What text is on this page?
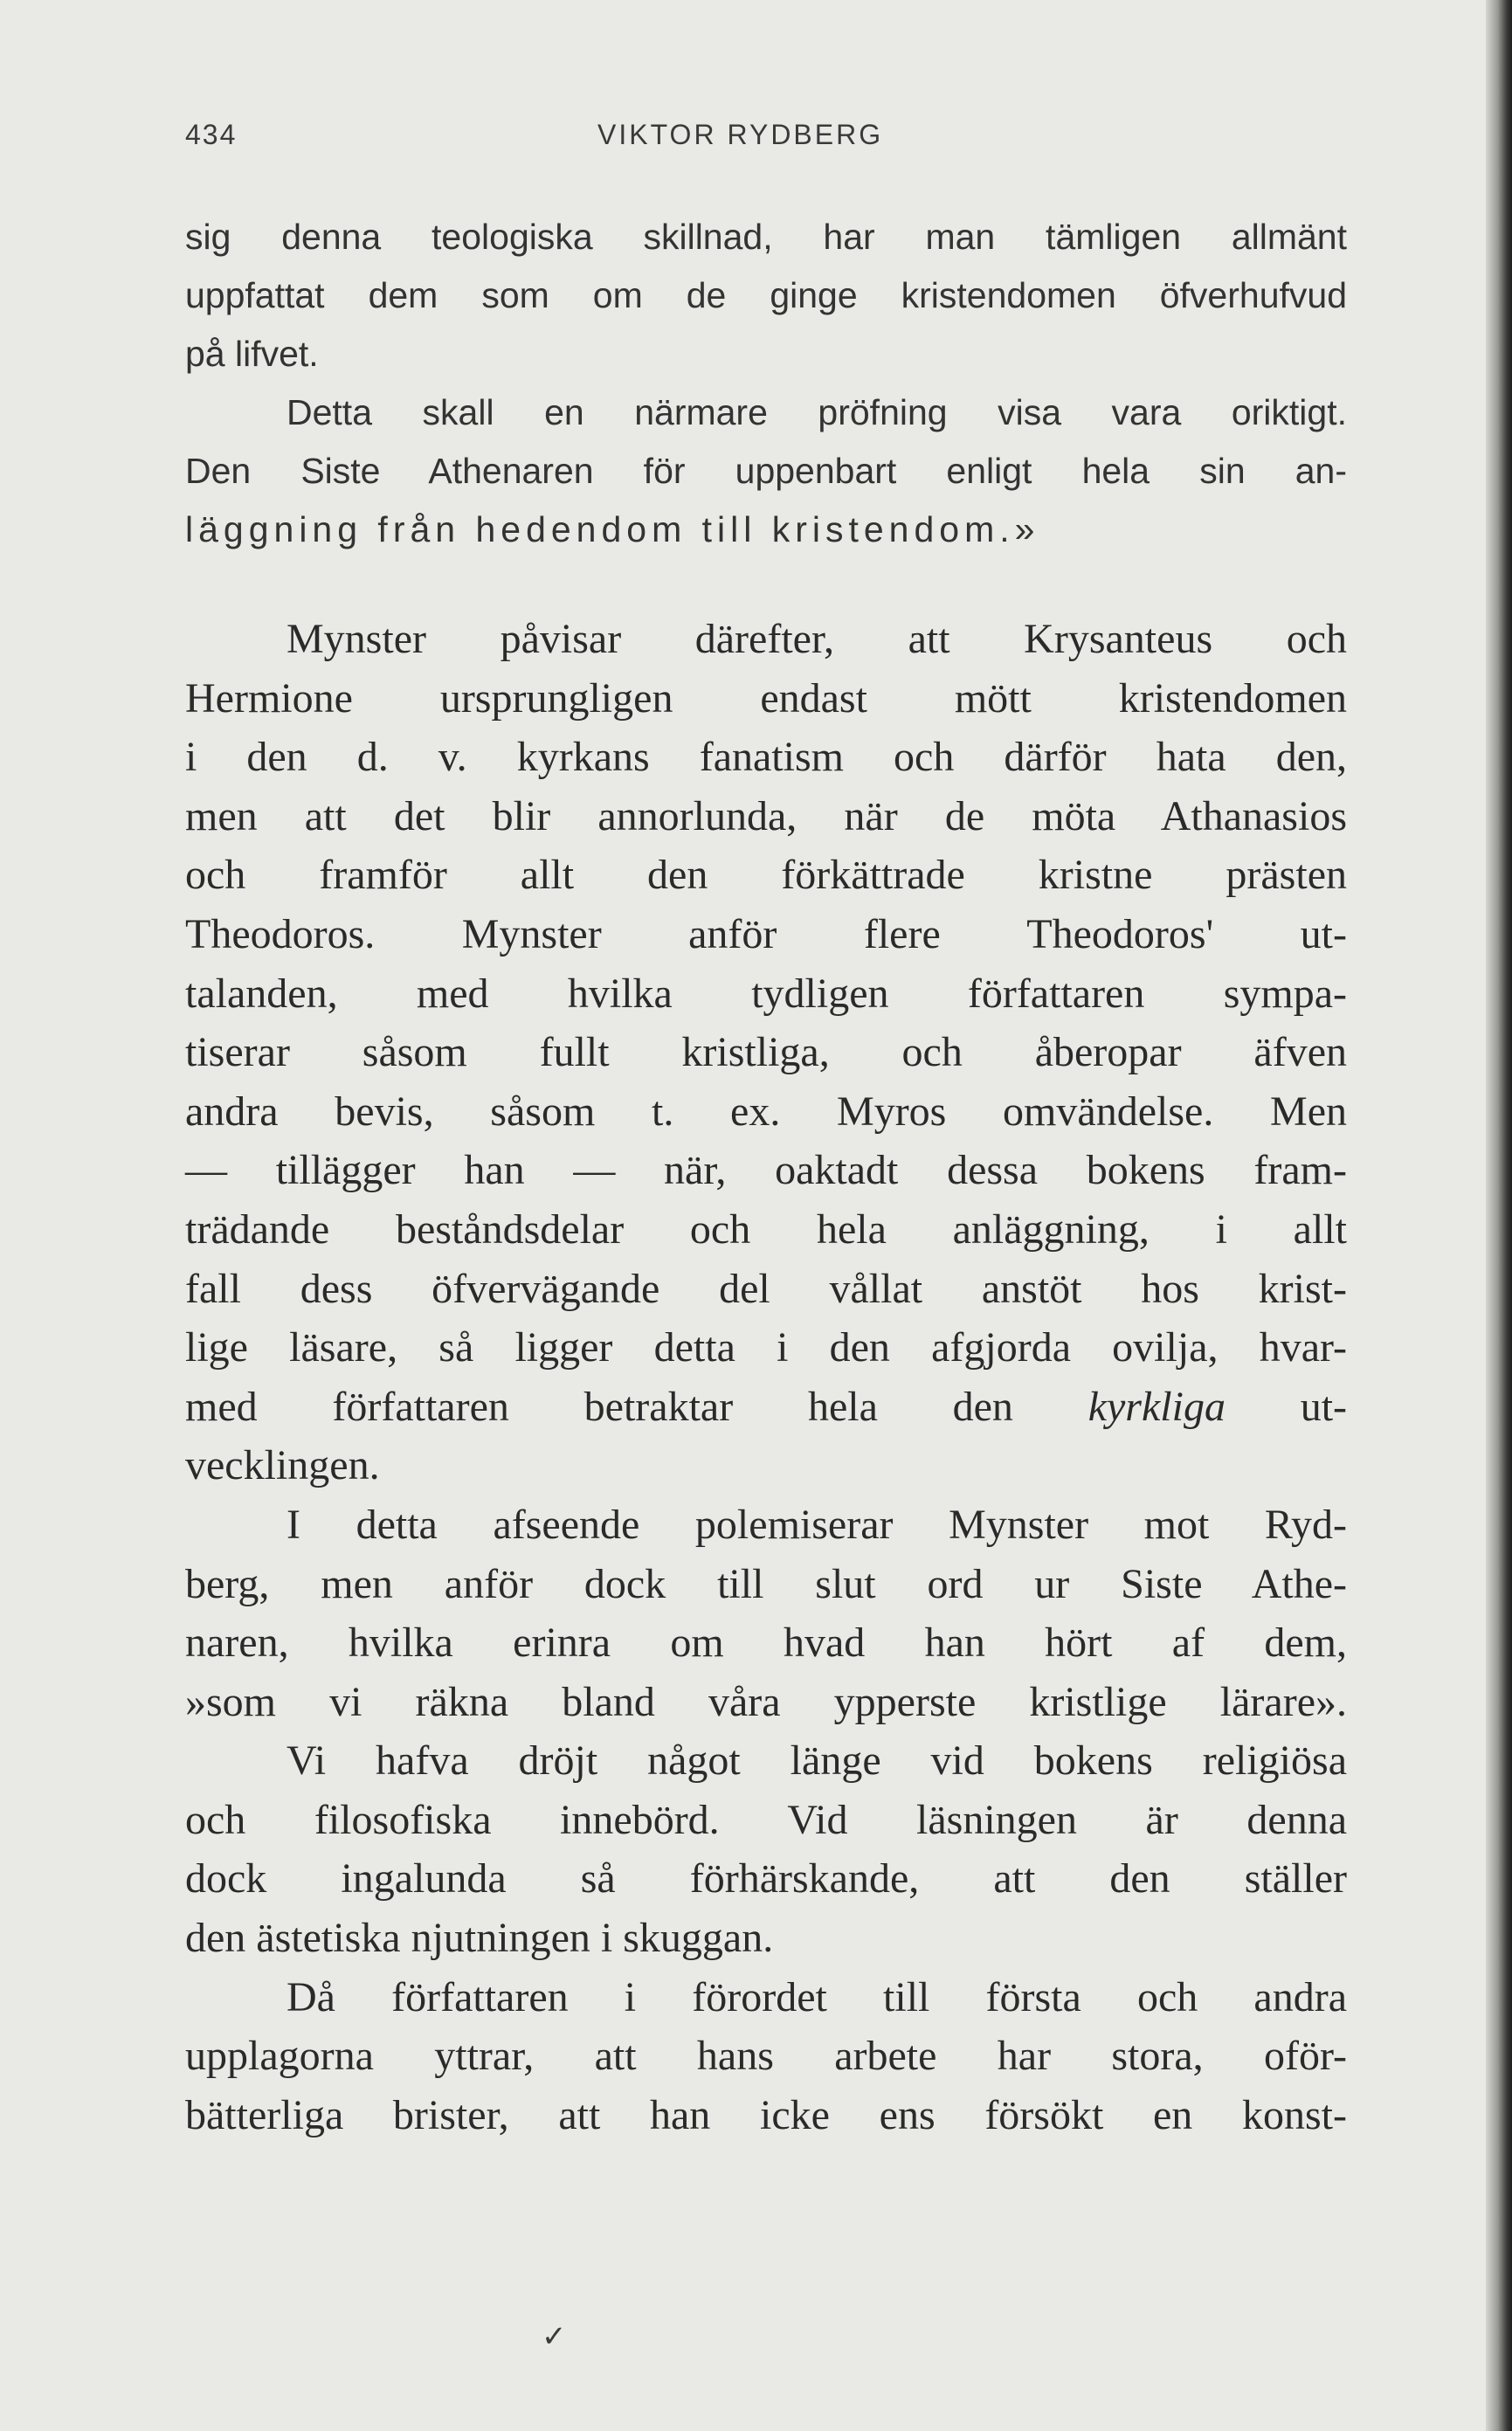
434	VIKTOR RYDBERG
sig denna teologiska skillnad, har man tämligen allmänt
uppfattat dem som om de ginge kristendomen öfverhufvud
på lifvet.
Detta skall en närmare pröfning visa vara oriktigt.
Den Siste Athenaren för uppenbart enligt hela sin an-
läggning från hedendom till kristendom.»
Mynster påvisar därefter, att Krysanteus och
Hermione ursprungligen endast mött kristendomen
i den d. v. kyrkans fanatism och därför hata den,
men att det blir annorlunda, när de möta Athanasios
och framför allt den förkättrade kristne prästen
Theodoros. Mynster anför flere Theodoros' ut-
talanden, med hvilka tydligen författaren sympa-
tiserar såsom fullt kristliga, och åberopar äfven
andra bevis, såsom t. ex. Myros omvändelse. Men
— tillägger han — när, oaktadt dessa bokens fram-
trädande beståndsdelar och hela anläggning, i allt
fall dess öfvervägande del vållat anstöt hos krist-
lige läsare, så ligger detta i den afgjorda ovilja, hvar-
med författaren betraktar hela den kyrkliga ut-
vecklingen.
I detta afseende polemiserar Mynster mot Ryd-
berg, men anför dock till slut ord ur Siste Athe-
naren, hvilka erinra om hvad han hört af dem,
»som vi räkna bland våra ypperste kristlige lärare».
Vi hafva dröjt något länge vid bokens religiösa
och filosofiska innebörd. Vid läsningen är denna
dock ingalunda så förhärskande, att den ställer
den ästetiska njutningen i skuggan.
Då författaren i förordet till första och andra
upplagorna yttrar, att hans arbete har stora, oför-
bätterliga brister, att han icke ens försökt en konst-
✓
